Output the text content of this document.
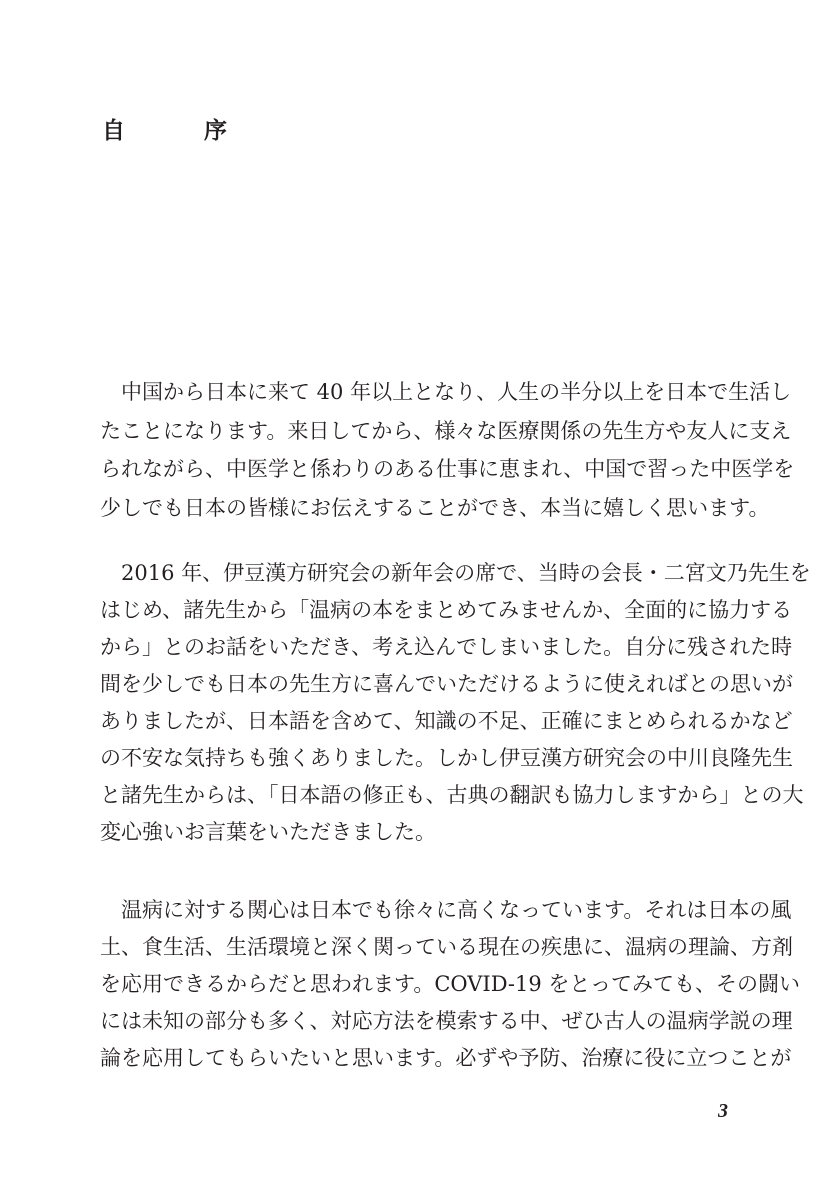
自　序
　中国から日本に来て 40 年以上となり、人生の半分以上を日本で生活し
たことになります。来日してから、様々な医療関係の先生方や友人に支え
られながら、中医学と係わりのある仕事に恵まれ、中国で習った中医学を
少しでも日本の皆様にお伝えすることができ、本当に嬉しく思います。
　2016 年、伊豆漢方研究会の新年会の席で、当時の会長・二宮文乃先生を
はじめ、諸先生から「温病の本をまとめてみませんか、全面的に協力する
から」とのお話をいただき、考え込んでしまいました。自分に残された時
間を少しでも日本の先生方に喜んでいただけるように使えればとの思いが
ありましたが、日本語を含めて、知識の不足、正確にまとめられるかなど
の不安な気持ちも強くありました。しかし伊豆漢方研究会の中川良隆先生
と諸先生からは、「日本語の修正も、古典の翻訳も協力しますから」との大
変心強いお言葉をいただきました。
　温病に対する関心は日本でも徐々に高くなっています。それは日本の風
土、食生活、生活環境と深く関っている現在の疾患に、温病の理論、方剤
を応用できるからだと思われます。COVID-19 をとってみても、その闘い
には未知の部分も多く、対応方法を模索する中、ぜひ古人の温病学説の理
論を応用してもらいたいと思います。必ずや予防、治療に役に立つことが
3
